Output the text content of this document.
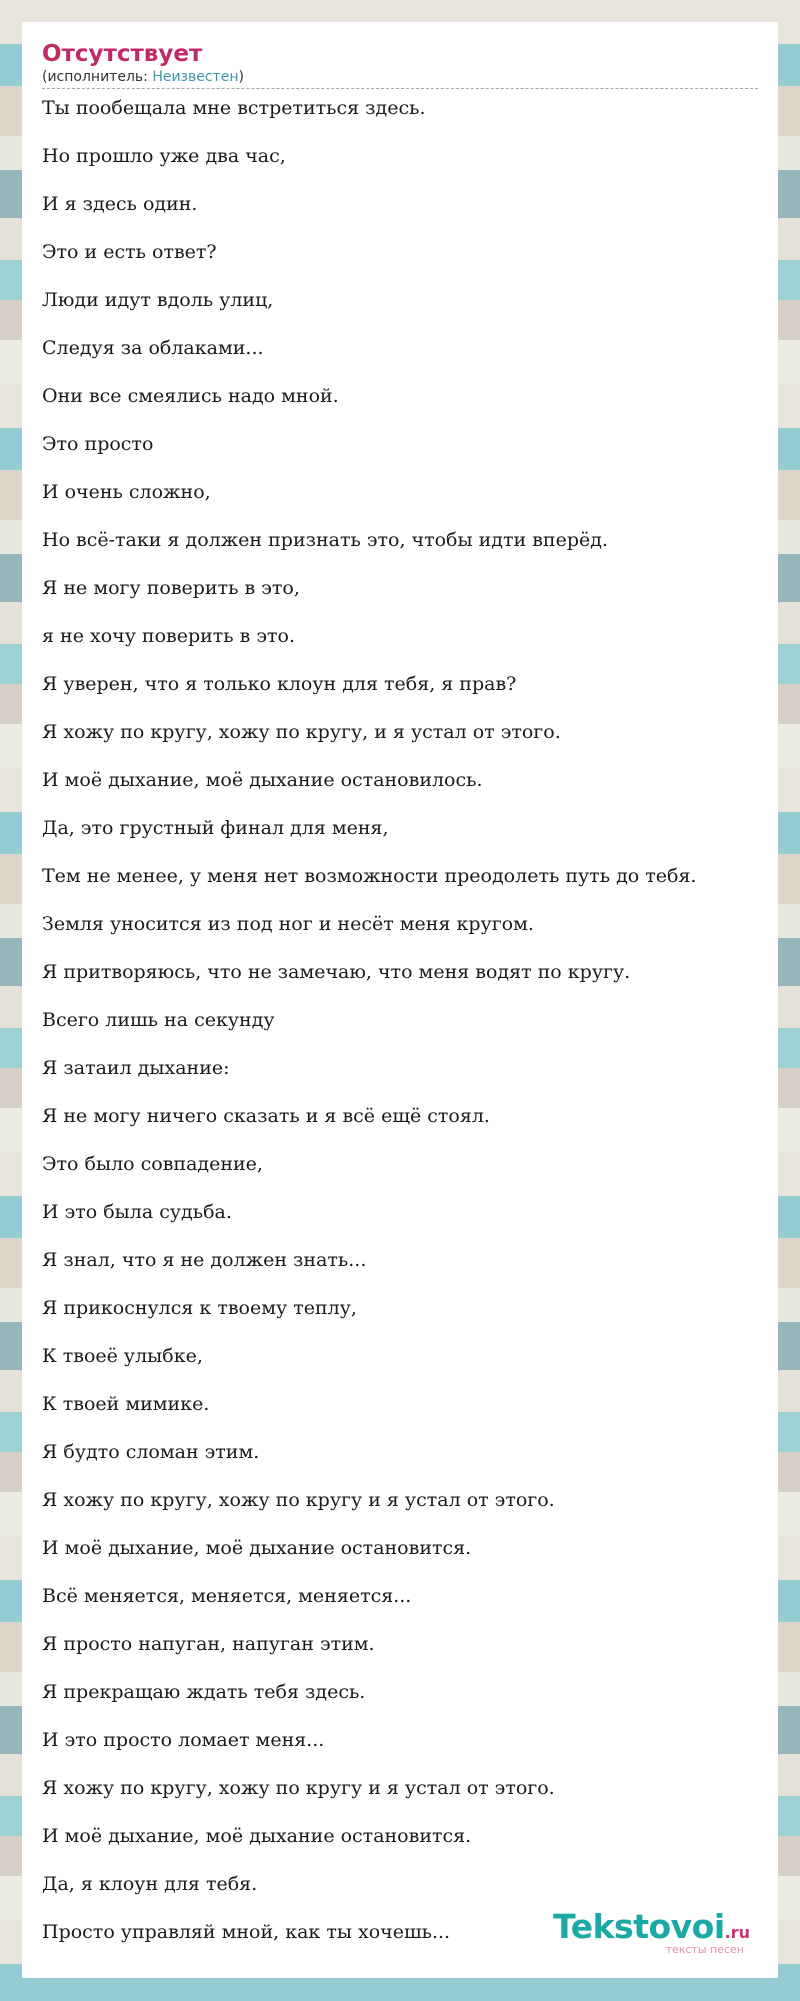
Отсутствует
(исполнитель: Неизвестен)
Ты пообещала мне встретиться здесь.
Но прошло уже два час,
И я здесь один.
Это и есть ответ?
Люди идут вдоль улиц,
Следуя за облаками...
Они все смеялись надо мной.
Это просто
И очень сложно,
Но всё-таки я должен признать это, чтобы идти вперёд.
Я не могу поверить в это,
я не хочу поверить в это.
Я уверен, что я только клоун для тебя, я прав?
Я хожу по кругу, хожу по кругу, и я устал от этого.
И моё дыхание, моё дыхание остановилось.
Да, это грустный финал для меня,
Тем не менее, у меня нет возможности преодолеть путь до тебя.
Земля уносится из под ног и несёт меня кругом.
Я притворяюсь, что не замечаю, что меня водят по кругу.
Всего лишь на секунду
Я затаил дыхание:
Я не могу ничего сказать и я всё ещё стоял.
Это было совпадение,
И это была судьба.
Я знал, что я не должен знать...
Я прикоснулся к твоему теплу,
К твоеё улыбке,
К твоей мимике.
Я будто сломан этим.
Я хожу по кругу, хожу по кругу и я устал от этого.
И моё дыхание, моё дыхание остановится.
Всё меняется, меняется, меняется...
Я просто напуган, напуган этим.
Я прекращаю ждать тебя здесь.
И это просто ломает меня...
Я хожу по кругу, хожу по кругу и я устал от этого.
И моё дыхание, моё дыхание остановится.
Да, я клоун для тебя.
Просто управляй мной, как ты хочешь...	Tekstovoi.ru
тексты песен
